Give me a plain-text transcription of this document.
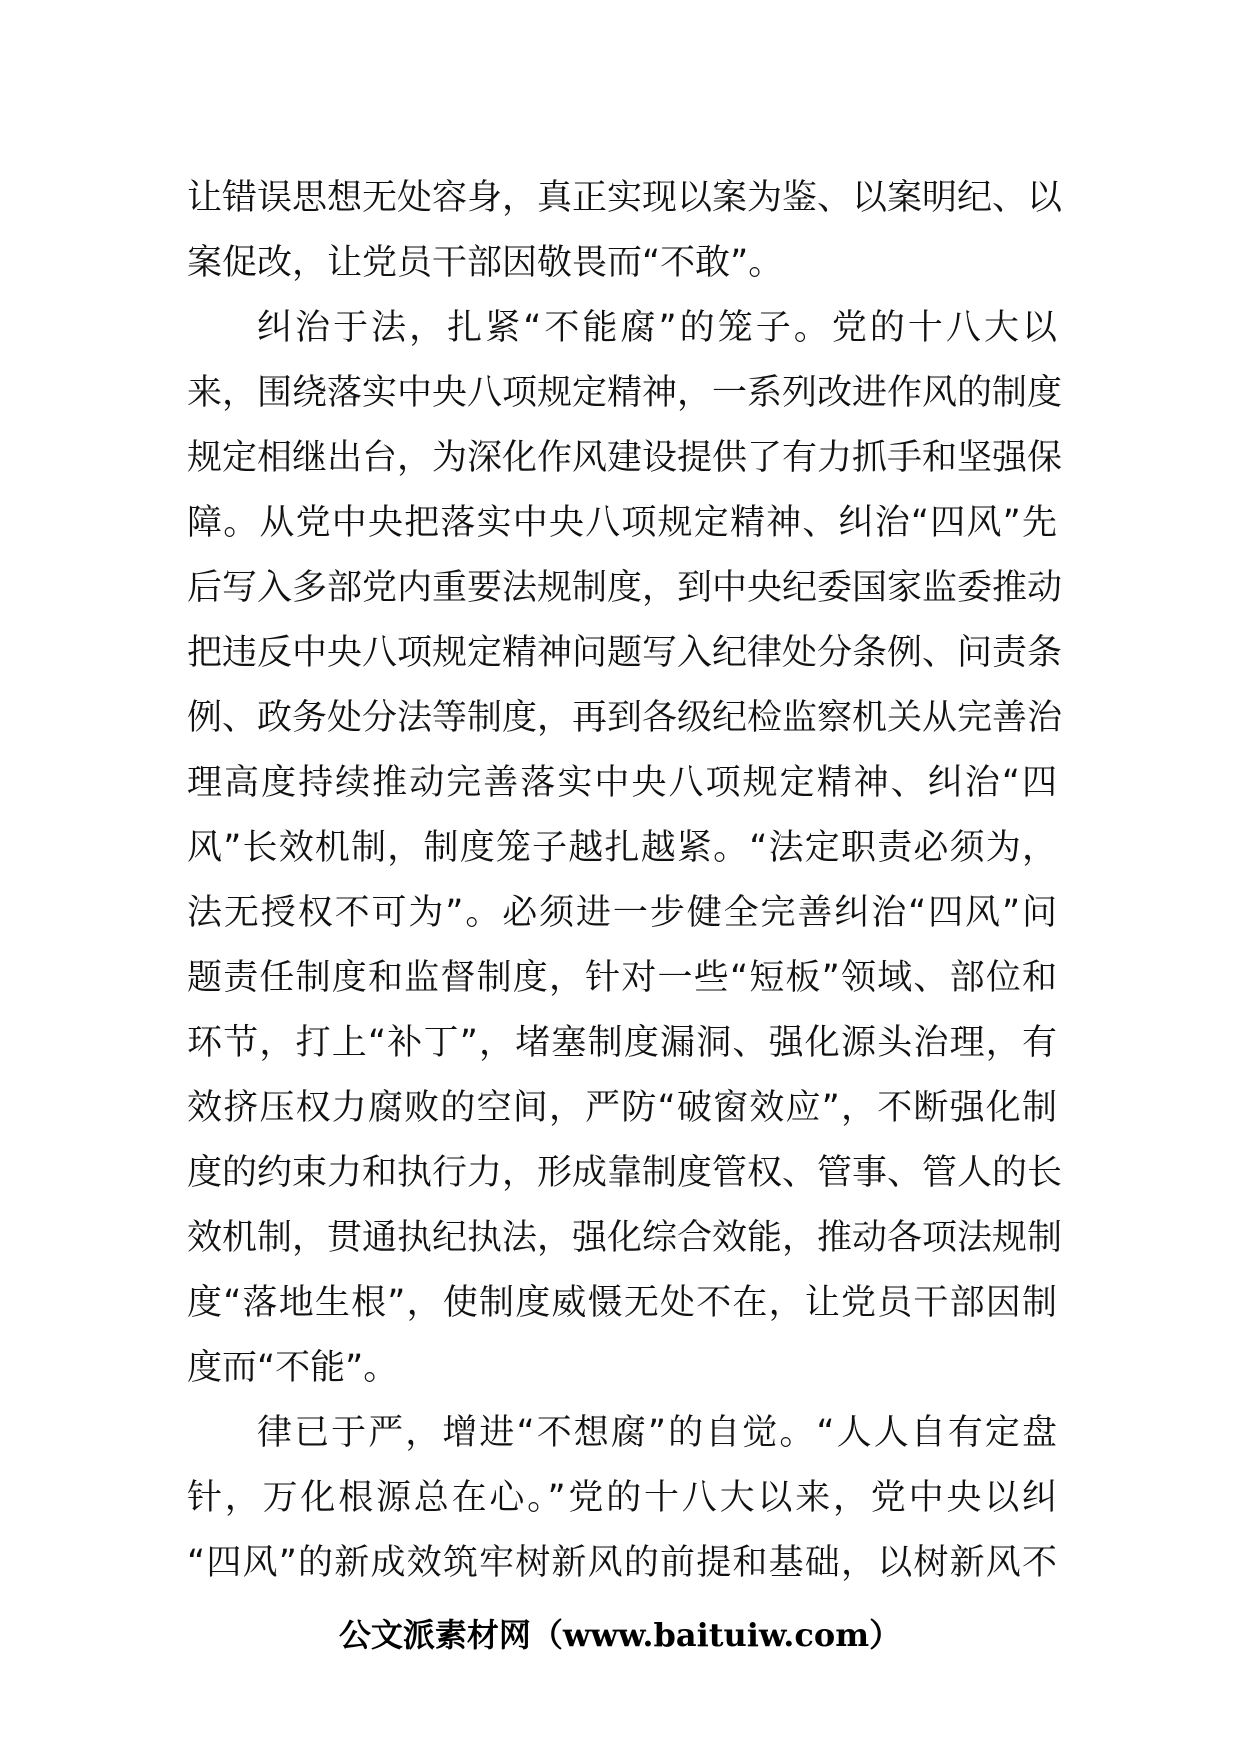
让错误思想无处容身，真正实现以案为鉴、以案明纪、以
案促改，让党员干部因敬畏而“不敢”。
纠治于法，扎紧“不能腐”的笼子。党的十八大以
来，围绕落实中央八项规定精神，一系列改进作风的制度
规定相继出台，为深化作风建设提供了有力抓手和坚强保
障。从党中央把落实中央八项规定精神、纠治“四风”先
后写入多部党内重要法规制度，到中央纪委国家监委推动
把违反中央八项规定精神问题写入纪律处分条例、问责条
例、政务处分法等制度，再到各级纪检监察机关从完善治
理高度持续推动完善落实中央八项规定精神、纠治“四
风”长效机制，制度笼子越扎越紧。“法定职责必须为，
法无授权不可为”。必须进一步健全完善纠治“四风”问
题责任制度和监督制度，针对一些“短板”领域、部位和
环节，打上“补丁”，堵塞制度漏洞、强化源头治理，有
效挤压权力腐败的空间，严防“破窗效应”，不断强化制
度的约束力和执行力，形成靠制度管权、管事、管人的长
效机制，贯通执纪执法，强化综合效能，推动各项法规制
度“落地生根”，使制度威慑无处不在，让党员干部因制
度而“不能”。
律已于严，增进“不想腐”的自觉。“人人自有定盘
针，万化根源总在心。”党的十八大以来，党中央以纠
“四风”的新成效筑牢树新风的前提和基础，以树新风不
公文派素材网（www.baituiw.com）
